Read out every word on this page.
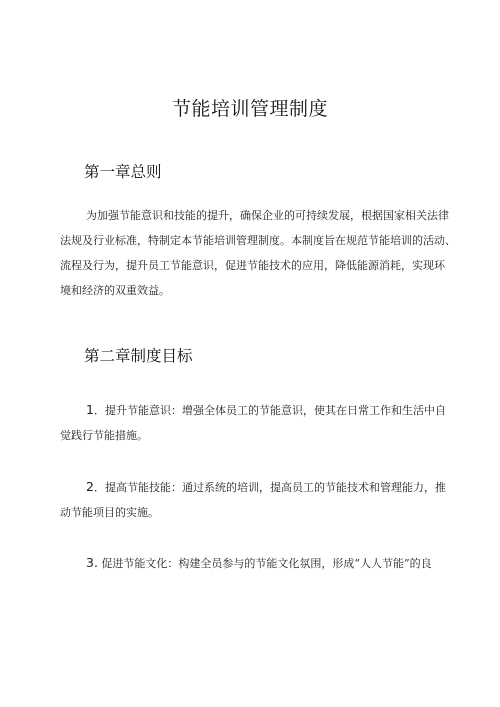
节能培训管理制度
第一章总则

为加强节能意识和技能的提升，确保企业的可持续发展，根据国家相关法律
法规及行业标准，特制定本节能培训管理制度。本制度旨在规范节能培训的活动、
流程及行为，提升员工节能意识，促进节能技术的应用，降低能源消耗，实现环
境和经济的双重效益。

第二章制度目标

1．提升节能意识：增强全体员工的节能意识，使其在日常工作和生活中自
觉践行节能措施。

2．提高节能技能：通过系统的培训，提高员工的节能技术和管理能力，推
动节能项目的实施。

3. 促进节能文化：构建全员参与的节能文化氛围，形成“人人节能”的良
